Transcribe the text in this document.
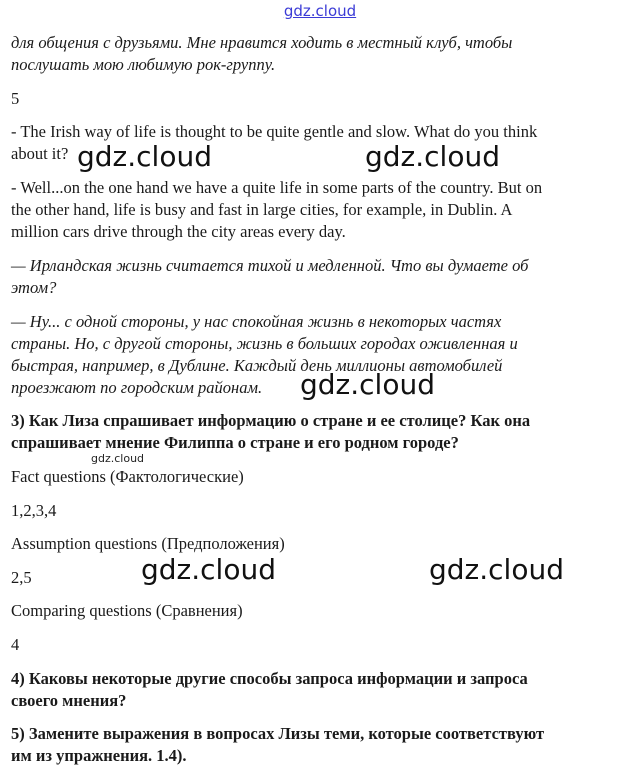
gdz.cloud

для общения с друзьями. Мне нравится ходить в местный клуб, чтобы

послушать мою любимую рок-группу.

5

- The Irish way of life is thought to be quite gentle and slow. What do you think

about it?

- Well...on the one hand we have a quite life in some parts of the country. But on

the other hand, life is busy and fast in large cities, for example, in Dublin. A

million cars drive through the city areas every day.

— Ирландская жизнь считается тихой и медленной. Что вы думаете об

этом?

— Ну... с одной стороны, у нас спокойная жизнь в некоторых частях

страны. Но, с другой стороны, жизнь в больших городах оживленная и

быстрая, например, в Дублине. Каждый день миллионы автомобилей

проезжают по городским районам.

3) Как Лиза спрашивает информацию о стране и ее столице? Как она

спрашивает мнение Филиппа о стране и его родном городе?

Fact questions (Фактологические)

1,2,3,4

Assumption questions (Предположения)

2,5

Comparing questions (Сравнения)

4

4) Каковы некоторые другие способы запроса информации и запроса

своего мнения?

5) Замените выражения в вопросах Лизы теми, которые соответствуют

им из упражнения. 1.4).

gdz.cloud	gdz.cloud
gdz.cloud
gdz.cloud
gdz.cloud	gdz.cloud
